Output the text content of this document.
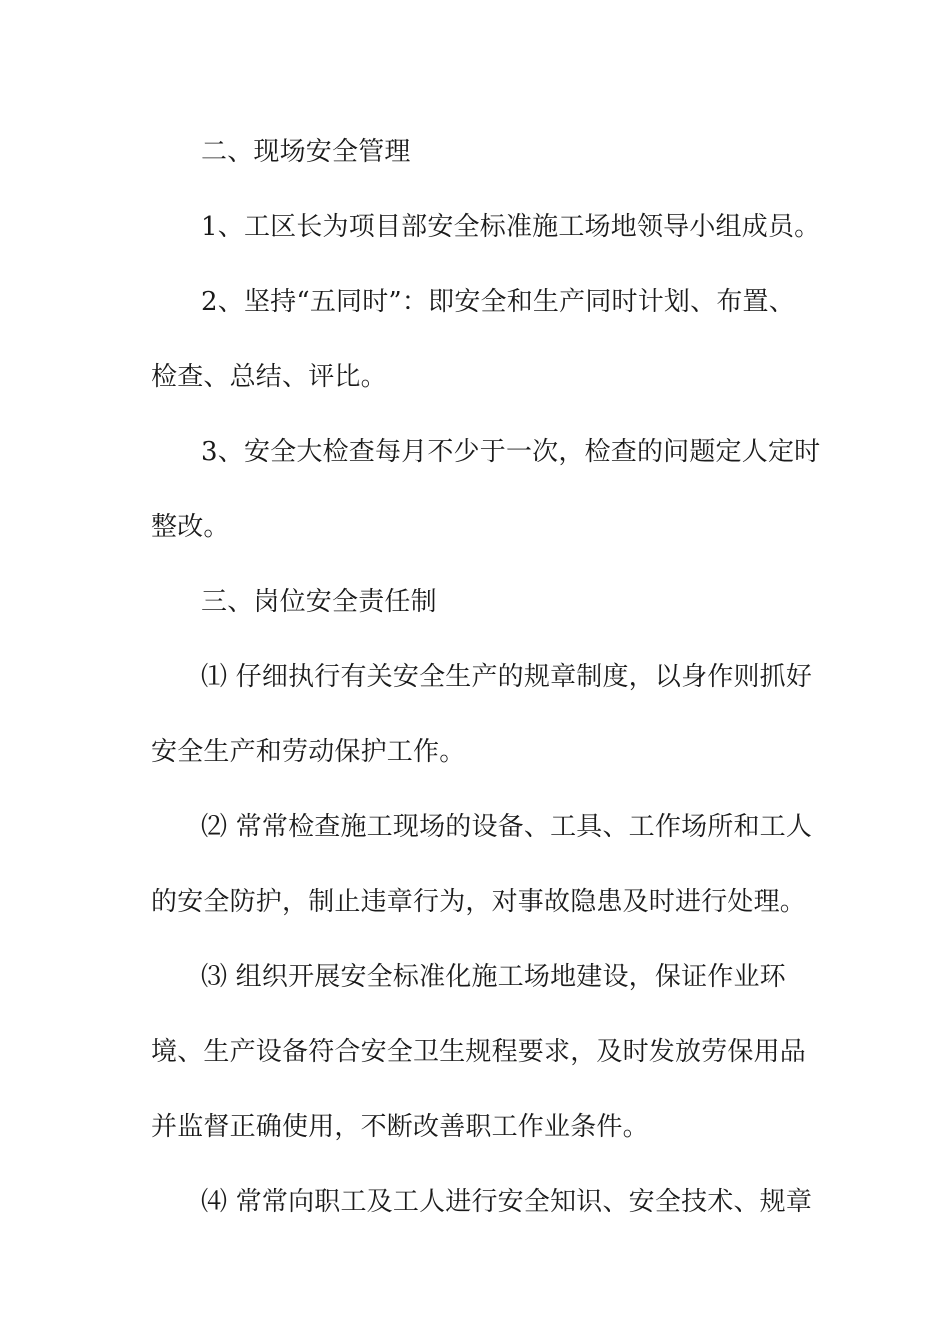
二、现场安全管理
1、工区长为项目部安全标准施工场地领导小组成员。
2、坚持“五同时”：即安全和生产同时计划、布置、
检查、总结、评比。
3、安全大检查每月不少于一次，检查的问题定人定时
整改。
三、岗位安全责任制
⑴ 仔细执行有关安全生产的规章制度，以身作则抓好
安全生产和劳动保护工作。
⑵ 常常检查施工现场的设备、工具、工作场所和工人
的安全防护，制止违章行为，对事故隐患及时进行处理。
⑶ 组织开展安全标准化施工场地建设，保证作业环
境、生产设备符合安全卫生规程要求，及时发放劳保用品
并监督正确使用，不断改善职工作业条件。
⑷ 常常向职工及工人进行安全知识、安全技术、规章
